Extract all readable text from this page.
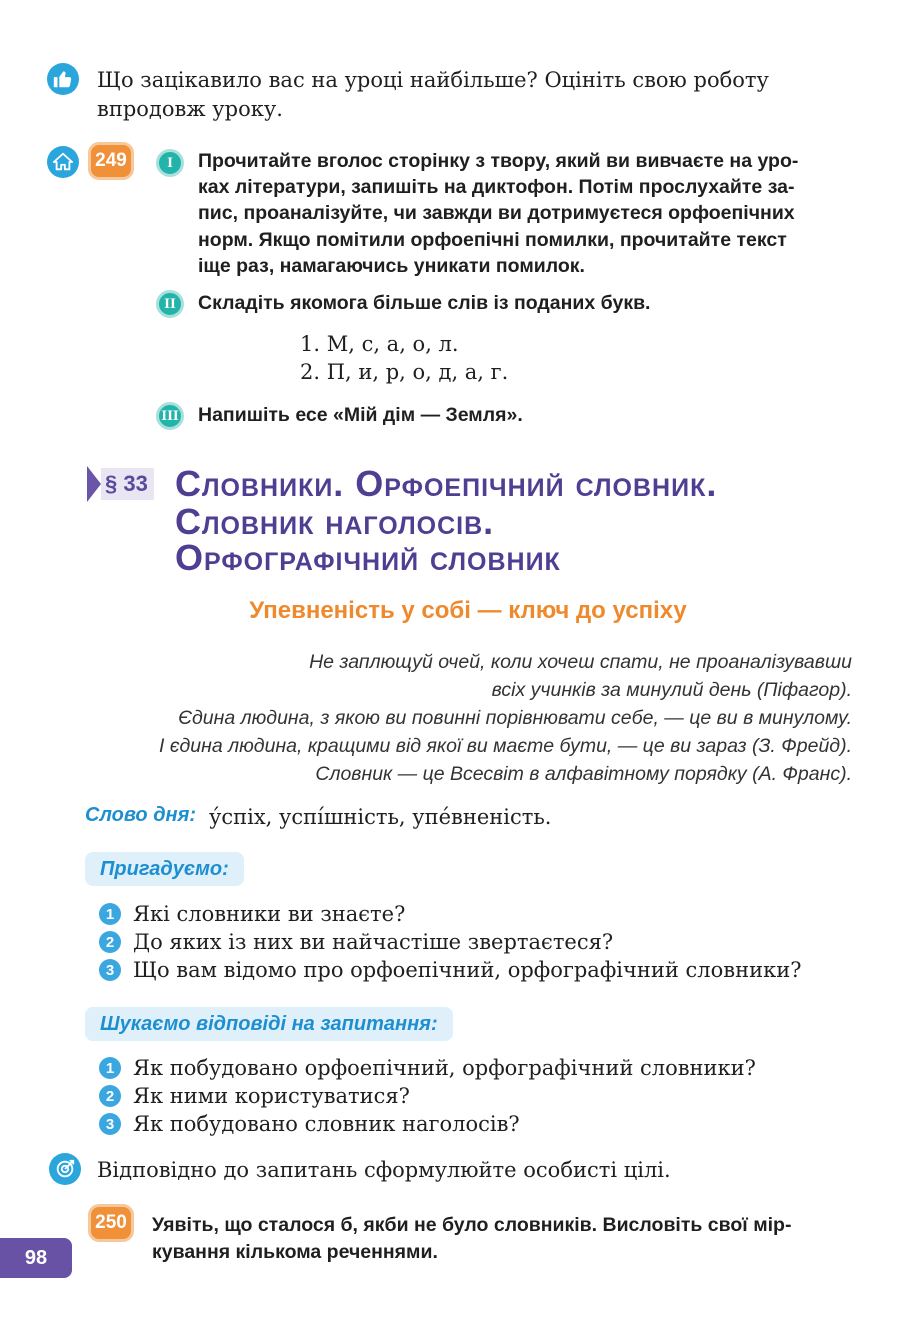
Що зацікавило вас на уроці найбільше? Оцініть свою роботу
впродовж уроку.
249	I	Прочитайте вголос сторінку з твору, який ви вивчаєте на уро-
ках літератури, запишіть на диктофон. Потім прослухайте за-
пис, проаналізуйте, чи завжди ви дотримуєтеся орфоепічних
норм. Якщо помітили орфоепічні помилки, прочитайте текст
іще раз, намагаючись уникати помилок.
II	Складіть якомога більше слів із поданих букв.
1. М, с, а, о, л.
2. П, и, р, о, д, а, г.
III Напишіть есе «Мій дім — Земля».
§ 33 Словники. Орфоепічний словник.
Словник наголосів.
Орфографічний словник
Упевненість у собі — ключ до успіху
Не заплющуй очей, коли хочеш спати, не проаналізувавши
всіх учинків за минулий день (Піфагор).
Єдина людина, з якою ви повинні порівнювати себе, — це ви в минулому.
І єдина людина, кращими від якої ви маєте бути, — це ви зараз (З. Фрейд).
Словник — це Всесвіт в алфавітному порядку (А. Франс).
Слово дня: у́спіх, успі́шність, упе́вненість.
Пригадуємо:
1 Які словники ви знаєте?
2 До яких із них ви найчастіше звертаєтеся?
3 Що вам відомо про орфоепічний, орфографічний словники?
Шукаємо відповіді на запитання:
1 Як побудовано орфоепічний, орфографічний словники?
2 Як ними користуватися?
3 Як побудовано словник наголосів?
Відповідно до запитань сформулюйте особисті цілі.
250	Уявіть, що сталося б, якби не було словників. Висловіть свої мір-
кування кількома реченнями.
98
